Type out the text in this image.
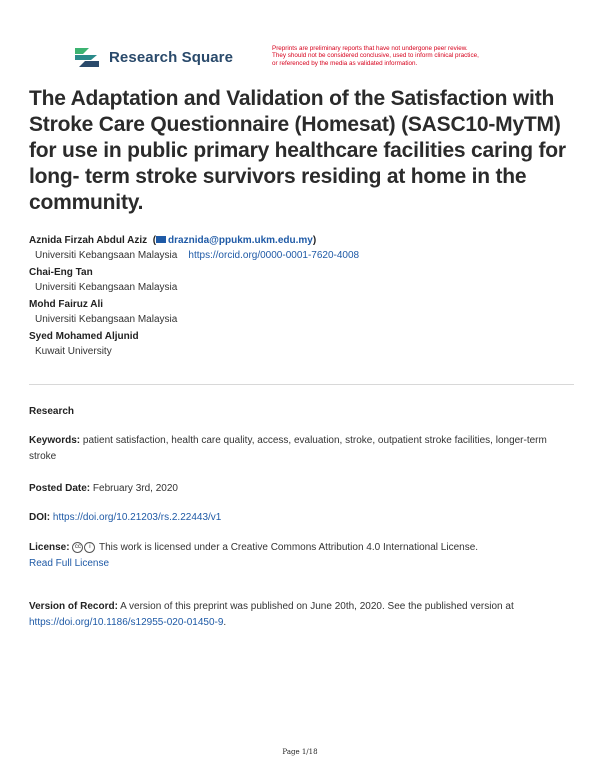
Research Square	Preprints are preliminary reports that have not undergone peer review.
They should not be considered conclusive, used to inform clinical practice,
or referenced by the media as validated information.
The Adaptation and Validation of the Satisfaction with Stroke Care Questionnaire (Homesat) (SASC10-MyTM) for use in public primary healthcare facilities caring for long- term stroke survivors residing at home in the community.
Aznida Firzah Abdul Aziz  ( draznida@ppukm.ukm.edu.my)
Universiti Kebangsaan Malaysia https://orcid.org/0000-0001-7620-4008
Chai-Eng Tan
Universiti Kebangsaan Malaysia
Mohd Fairuz Ali
Universiti Kebangsaan Malaysia
Syed Mohamed Aljunid
Kuwait University
Research
Keywords: patient satisfaction, health care quality, access, evaluation, stroke, outpatient stroke facilities, longer-term stroke
Posted Date: February 3rd, 2020
DOI: https://doi.org/10.21203/rs.2.22443/v1
License: cc i This work is licensed under a Creative Commons Attribution 4.0 International License.
Read Full License
Version of Record: A version of this preprint was published on June 20th, 2020. See the published version at https://doi.org/10.1186/s12955-020-01450-9.
Page 1/18
